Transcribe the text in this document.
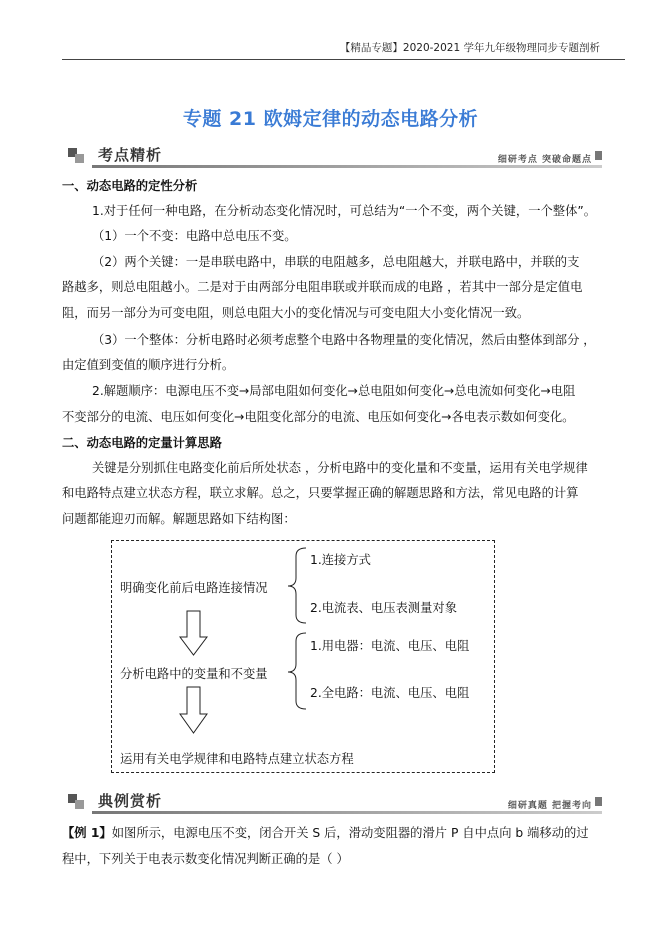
【精品专题】2020-2021 学年九年级物理同步专题剖析
专题 21 欧姆定律的动态电路分析
考点精析	细研考点 突破命题点
一、动态电路的定性分析
1.对于任何一种电路，在分析动态变化情况时，可总结为“一个不变，两个关键，一个整体”。
（1）一个不变：电路中总电压不变。
（2）两个关键：一是串联电路中，串联的电阻越多，总电阻越大，并联电路中，并联的支
路越多，则总电阻越小。二是对于由两部分电阻串联或并联而成的电路 ，若其中一部分是定值电
阻，而另一部分为可变电阻，则总电阻大小的变化情况与可变电阻大小变化情况一致。
（3）一个整体：分析电路时必须考虑整个电路中各物理量的变化情况，然后由整体到部分 ，
由定值到变值的顺序进行分析。
2.解题顺序：电源电压不变→局部电阻如何变化→总电阻如何变化→总电流如何变化→电阻
不变部分的电流、电压如何变化→电阻变化部分的电流、电压如何变化→各电表示数如何变化。
二、动态电路的定量计算思路
关键是分别抓住电路变化前后所处状态 ，分析电路中的变化量和不变量，运用有关电学规律
和电路特点建立状态方程，联立求解。总之，只要掌握正确的解题思路和方法，常见电路的计算
问题都能迎刃而解。解题思路如下结构图：
明确变化前后电路连接情况
1.连接方式
2.电流表、电压表测量对象
分析电路中的变量和不变量
1.用电器：电流、电压、电阻
2.全电路：电流、电压、电阻
运用有关电学规律和电路特点建立状态方程
典例赏析	细研真题 把握考向
【例 1】如图所示，电源电压不变，闭合开关 S 后，滑动变阻器的滑片 P 自中点向 b 端移动的过
程中，下列关于电表示数变化情况判断正确的是（ ）
